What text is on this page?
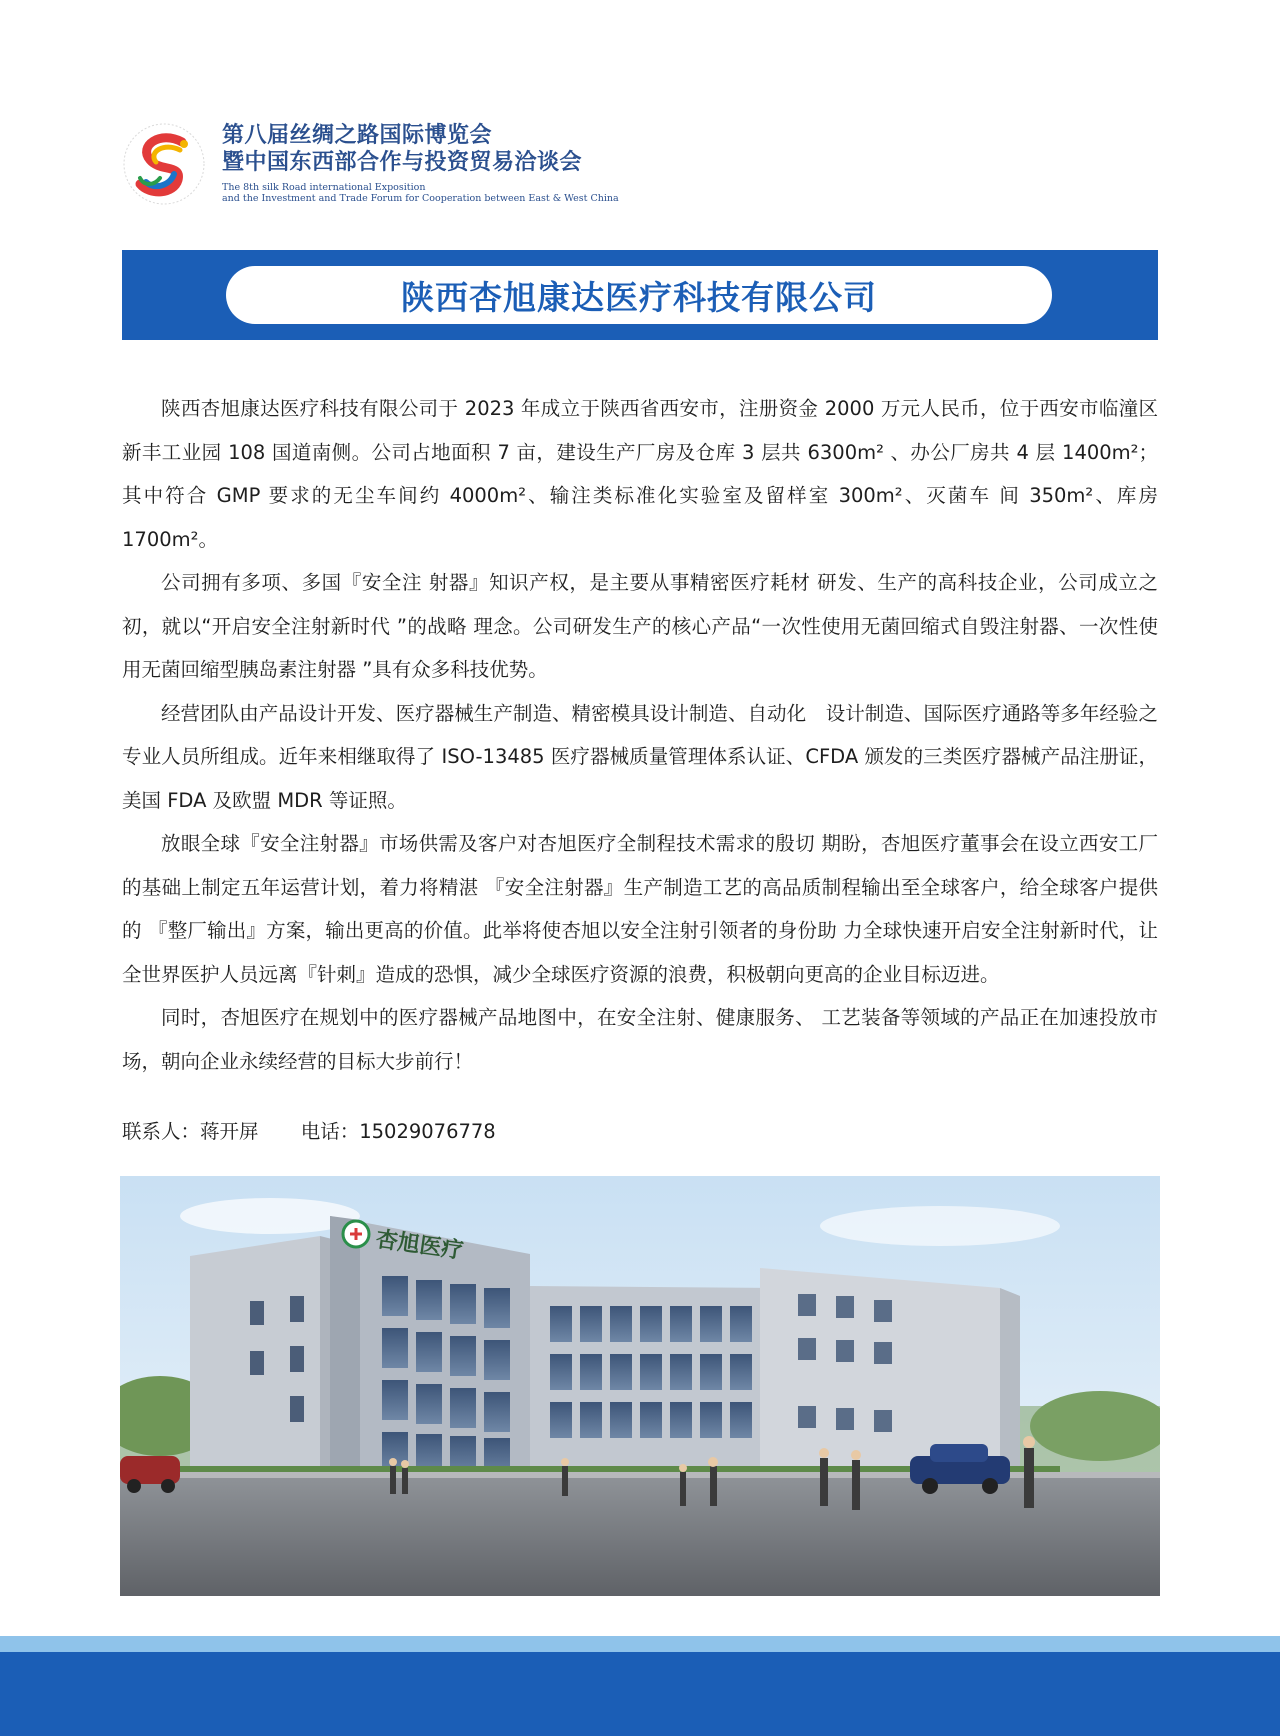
第八届丝绸之路国际博览会
暨中国东西部合作与投资贸易洽谈会
The 8th silk Road international Exposition
and the Investment and Trade Forum for Cooperation between East & West China
陕西杏旭康达医疗科技有限公司

陕西杏旭康达医疗科技有限公司于 2023 年成立于陕西省西安市，注册资金 2000 万元人民币，位于西安市临潼区新丰工业园 108 国道南侧。公司占地面积 7 亩，建设生产厂房及仓库 3 层共 6300m² 、办公厂房共 4 层 1400m²；其中符合 GMP 要求的无尘车间约 4000m²、输注类标准化实验室及留样室 300m²、灭菌车 间 350m²、库房 1700m²。

公司拥有多项、多国『安全注 射器』知识产权，是主要从事精密医疗耗材 研发、生产的高科技企业，公司成立之初，就以“开启安全注射新时代 ”的战略 理念。公司研发生产的核心产品“一次性使用无菌回缩式自毁注射器、一次性使 用无菌回缩型胰岛素注射器 ”具有众多科技优势。

经营团队由产品设计开发、医疗器械生产制造、精密模具设计制造、自动化　设计制造、国际医疗通路等多年经验之专业人员所组成。近年来相继取得了 ISO-13485 医疗器械质量管理体系认证、CFDA 颁发的三类医疗器械产品注册证，美国 FDA 及欧盟 MDR 等证照。

放眼全球『安全注射器』市场供需及客户对杏旭医疗全制程技术需求的殷切 期盼，杏旭医疗董事会在设立西安工厂的基础上制定五年运营计划，着力将精湛 『安全注射器』生产制造工艺的高品质制程输出至全球客户，给全球客户提供的 『整厂输出』方案，输出更高的价值。此举将使杏旭以安全注射引领者的身份助 力全球快速开启安全注射新时代，让全世界医护人员远离『针刺』造成的恐惧，减少全球医疗资源的浪费，积极朝向更高的企业目标迈进。

同时，杏旭医疗在规划中的医疗器械产品地图中，在安全注射、健康服务、 工艺装备等领域的产品正在加速投放市场，朝向企业永续经营的目标大步前行！

联系人：蒋开屏 电话：15029076778
杏旭医疗
